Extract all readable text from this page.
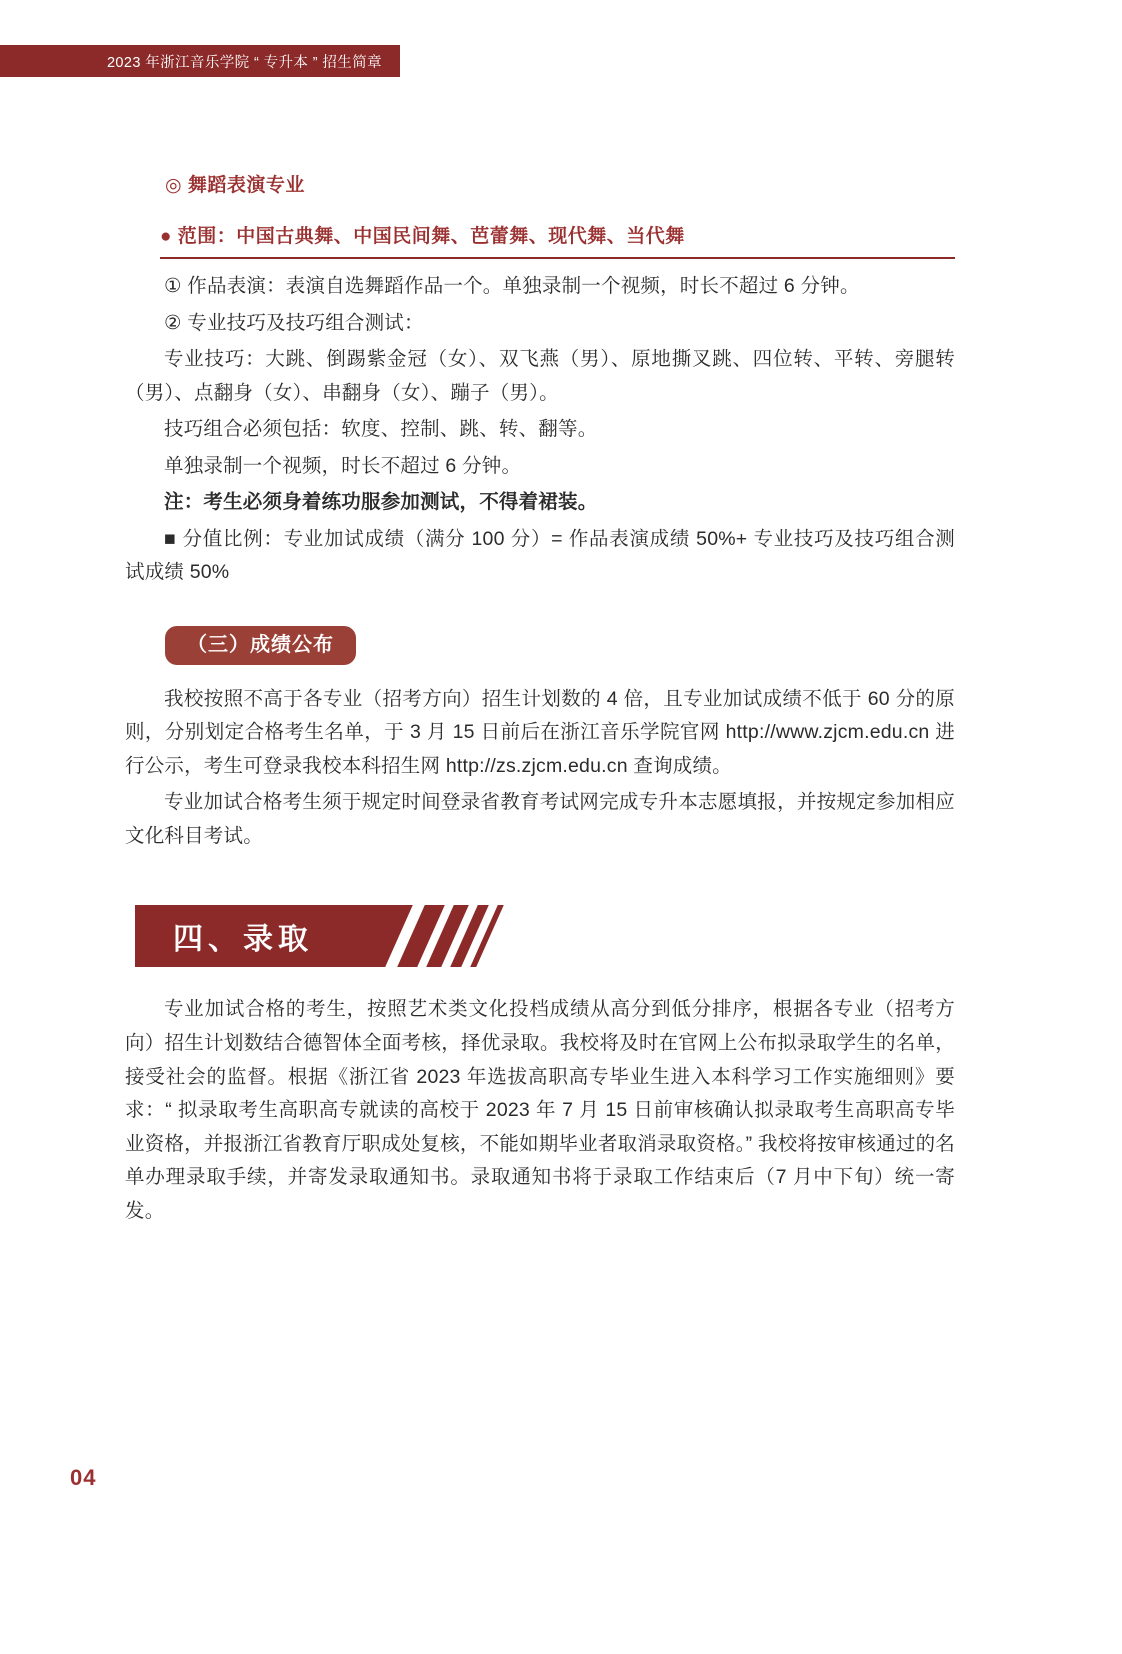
2023 年浙江音乐学院 “ 专升本 ” 招生简章
◎ 舞蹈表演专业
● 范围：中国古典舞、中国民间舞、芭蕾舞、现代舞、当代舞

① 作品表演：表演自选舞蹈作品一个。单独录制一个视频，时长不超过 6 分钟。

② 专业技巧及技巧组合测试：

专业技巧：大跳、倒踢紫金冠（女）、双飞燕（男）、原地撕叉跳、四位转、平转、旁腿转（男）、点翻身（女）、串翻身（女）、蹦子（男）。

技巧组合必须包括：软度、控制、跳、转、翻等。

单独录制一个视频，时长不超过 6 分钟。

注：考生必须身着练功服参加测试，不得着裙装。

■ 分值比例：专业加试成绩（满分 100 分）= 作品表演成绩 50%+ 专业技巧及技巧组合测试成绩 50%

（三）成绩公布

我校按照不高于各专业（招考方向）招生计划数的 4 倍，且专业加试成绩不低于 60 分的原则，分别划定合格考生名单，于 3 月 15 日前后在浙江音乐学院官网 http://www.zjcm.edu.cn 进行公示，考生可登录我校本科招生网 http://zs.zjcm.edu.cn 查询成绩。

专业加试合格考生须于规定时间登录省教育考试网完成专升本志愿填报，并按规定参加相应文化科目考试。

四、录取

专业加试合格的考生，按照艺术类文化投档成绩从高分到低分排序，根据各专业（招考方向）招生计划数结合德智体全面考核，择优录取。我校将及时在官网上公布拟录取学生的名单，接受社会的监督。根据《浙江省 2023 年选拔高职高专毕业生进入本科学习工作实施细则》要求：“ 拟录取考生高职高专就读的高校于 2023 年 7 月 15 日前审核确认拟录取考生高职高专毕业资格，并报浙江省教育厅职成处复核，不能如期毕业者取消录取资格。” 我校将按审核通过的名单办理录取手续，并寄发录取通知书。录取通知书将于录取工作结束后（7 月中下旬）统一寄发。

04
